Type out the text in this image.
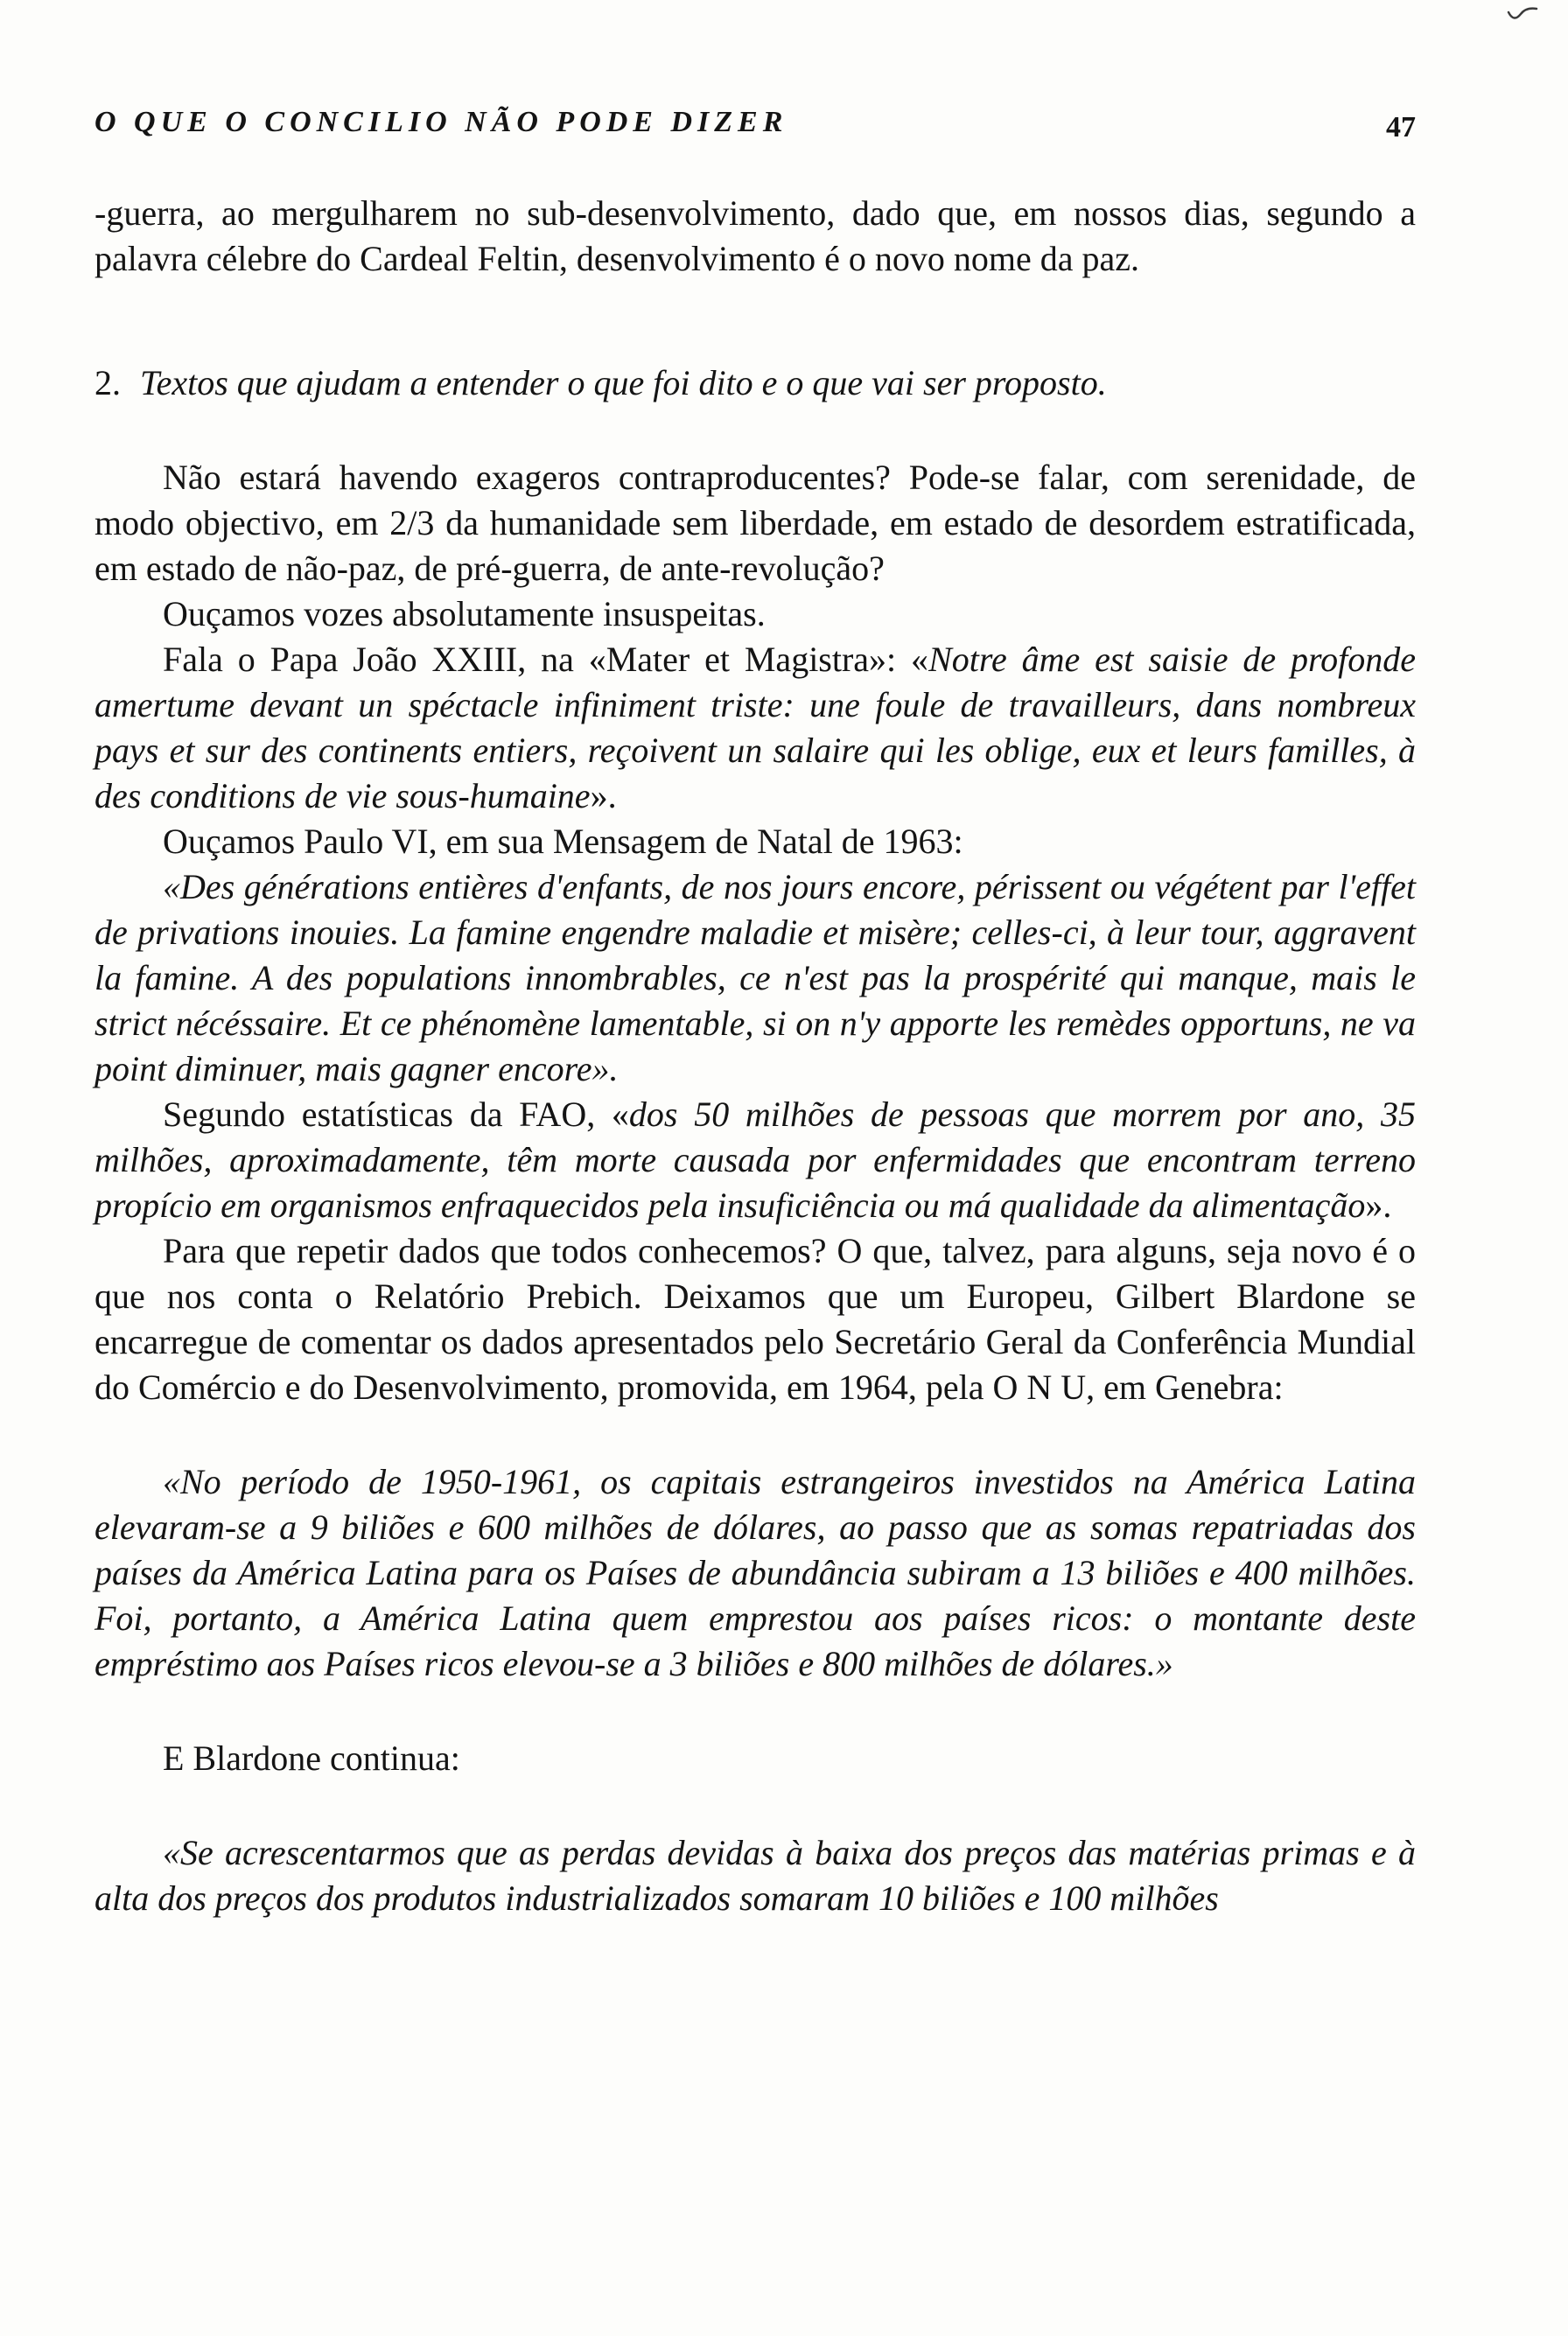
O QUE O CONCILIO NÃO PODE DIZER	47

-guerra, ao mergulharem no sub-desenvolvimento, dado que, em nossos dias, segundo a palavra célebre do Cardeal Feltin, desenvolvimento é o novo nome da paz.

2. Textos que ajudam a entender o que foi dito e o que vai ser proposto.

Não estará havendo exageros contraproducentes? Pode-se falar, com serenidade, de modo objectivo, em 2/3 da humanidade sem liberdade, em estado de desordem estratificada, em estado de não-paz, de pré-guerra, de ante-revolução?

Ouçamos vozes absolutamente insuspeitas.

Fala o Papa João XXIII, na «Mater et Magistra»: «Notre âme est saisie de profonde amertume devant un spéctacle infiniment triste: une foule de travailleurs, dans nombreux pays et sur des continents entiers, reçoivent un salaire qui les oblige, eux et leurs familles, à des conditions de vie sous-humaine».

Ouçamos Paulo VI, em sua Mensagem de Natal de 1963:

«Des générations entières d'enfants, de nos jours encore, périssent ou végétent par l'effet de privations inouies. La famine engendre maladie et misère; celles-ci, à leur tour, aggravent la famine. A des populations innombrables, ce n'est pas la prospérité qui manque, mais le strict nécéssaire. Et ce phénomène lamentable, si on n'y apporte les remèdes opportuns, ne va point diminuer, mais gagner encore».

Segundo estatísticas da FAO, «dos 50 milhões de pessoas que morrem por ano, 35 milhões, aproximadamente, têm morte causada por enfermidades que encontram terreno propício em organismos enfraquecidos pela insuficiência ou má qualidade da alimentação».

Para que repetir dados que todos conhecemos? O que, talvez, para alguns, seja novo é o que nos conta o Relatório Prebich. Deixamos que um Europeu, Gilbert Blardone se encarregue de comentar os dados apresentados pelo Secretário Geral da Conferência Mundial do Comércio e do Desenvolvimento, promovida, em 1964, pela O N U, em Genebra:

«No período de 1950-1961, os capitais estrangeiros investidos na América Latina elevaram-se a 9 biliões e 600 milhões de dólares, ao passo que as somas repatriadas dos países da América Latina para os Países de abundância subiram a 13 biliões e 400 milhões. Foi, portanto, a América Latina quem emprestou aos países ricos: o montante deste empréstimo aos Países ricos elevou-se a 3 biliões e 800 milhões de dólares.»

E Blardone continua:

«Se acrescentarmos que as perdas devidas à baixa dos preços das matérias primas e à alta dos preços dos produtos industrializados somaram 10 biliões e 100 milhões
